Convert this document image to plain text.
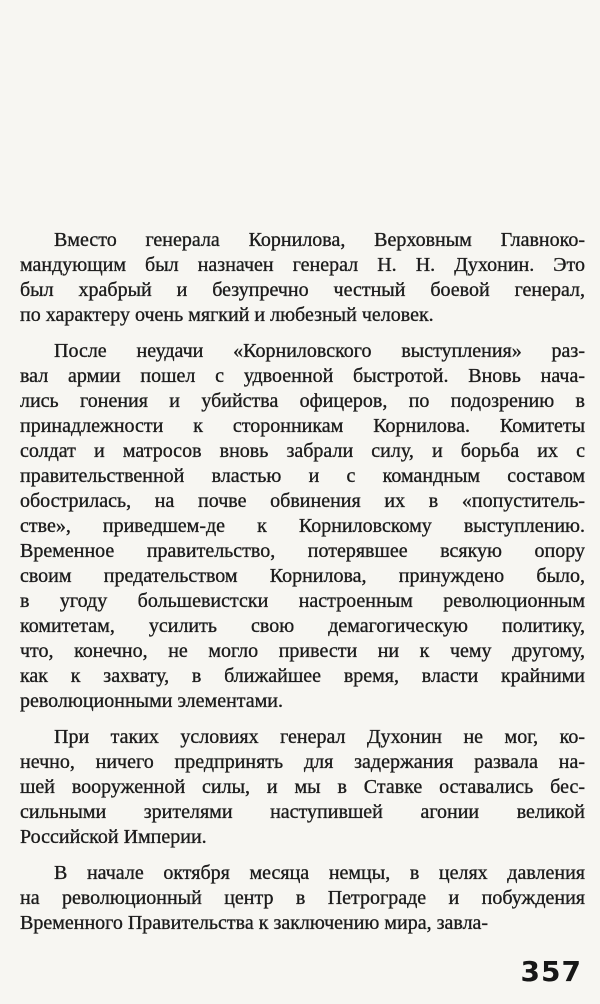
Вместо генерала Корнилова, Верховным Главноко-
мандующим был назначен генерал Н. Н. Духонин. Это
был храбрый и безупречно честный боевой генерал,
по характеру очень мягкий и любезный человек.
После неудачи «Корниловского выступления» раз-
вал армии пошел с удвоенной быстротой. Вновь нача-
лись гонения и убийства офицеров, по подозрению в
принадлежности к сторонникам Корнилова. Комитеты
солдат и матросов вновь забрали силу, и борьба их с
правительственной властью и с командным составом
обострилась, на почве обвинения их в «попуститель-
стве», приведшем-де к Корниловскому выступлению.
Временное правительство, потерявшее всякую опору
своим предательством Корнилова, принуждено было,
в угоду большевистски настроенным революционным
комитетам, усилить свою демагогическую политику,
что, конечно, не могло привести ни к чему другому,
как к захвату, в ближайшее время, власти крайними
революционными элементами.
При таких условиях генерал Духонин не мог, ко-
нечно, ничего предпринять для задержания развала на-
шей вооруженной силы, и мы в Ставке оставались бес-
сильными зрителями наступившей агонии великой
Российской Империи.
В начале октября месяца немцы, в целях давления
на революционный центр в Петрограде и побуждения
Временного Правительства к заключению мира, завла-
357
